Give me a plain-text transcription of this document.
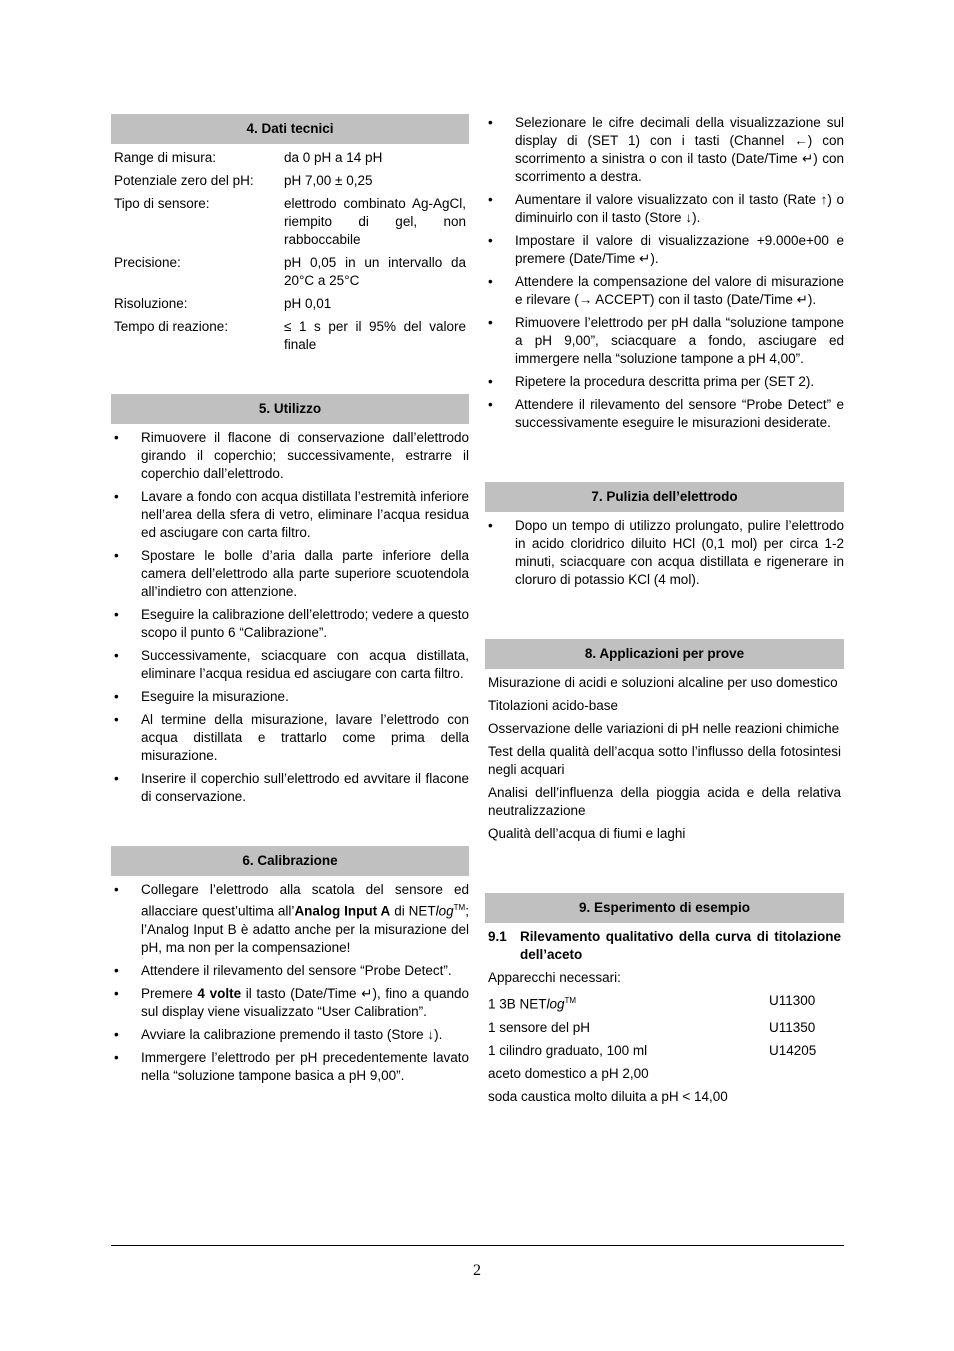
4. Dati tecnici
Range di misura:	da 0 pH a 14 pH
Potenziale zero del pH:	pH 7,00 ± 0,25
Tipo di sensore:	elettrodo combinato Ag-AgCl, riempito di gel, non rabboccabile
Precisione:	pH 0,05 in un intervallo da 20°C a 25°C
Risoluzione:	pH 0,01
Tempo di reazione:	≤ 1 s per il 95% del valore finale
5. Utilizzo
• Rimuovere il flacone di conservazione dall’elettrodo girando il coperchio; successivamente, estrarre il coperchio dall’elettrodo.
• Lavare a fondo con acqua distillata l’estremità inferiore nell’area della sfera di vetro, eliminare l’acqua residua ed asciugare con carta filtro.
• Spostare le bolle d’aria dalla parte inferiore della camera dell’elettrodo alla parte superiore scuotendola all’indietro con attenzione.
• Eseguire la calibrazione dell’elettrodo; vedere a questo scopo il punto 6 “Calibrazione”.
• Successivamente, sciacquare con acqua distillata, eliminare l’acqua residua ed asciugare con carta filtro.
• Eseguire la misurazione.
• Al termine della misurazione, lavare l’elettrodo con acqua distillata e trattarlo come prima della misurazione.
• Inserire il coperchio sull’elettrodo ed avvitare il flacone di conservazione.
6. Calibrazione
• Collegare l’elettrodo alla scatola del sensore ed allacciare quest’ultima all’Analog Input A di NETlog™; l’Analog Input B è adatto anche per la misurazione del pH, ma non per la compensazione!
• Attendere il rilevamento del sensore “Probe Detect”.
• Premere 4 volte il tasto (Date/Time ↵), fino a quando sul display viene visualizzato “User Calibration”.
• Avviare la calibrazione premendo il tasto (Store ↓).
• Immergere l’elettrodo per pH precedentemente lavato nella “soluzione tampone basica a pH 9,00”.
• Selezionare le cifre decimali della visualizzazione sul display di (SET 1) con i tasti (Channel ←) con scorrimento a sinistra o con il tasto (Date/Time ↵) con scorrimento a destra.
• Aumentare il valore visualizzato con il tasto (Rate ↑) o diminuirlo con il tasto (Store ↓).
• Impostare il valore di visualizzazione +9.000e+00 e premere (Date/Time ↵).
• Attendere la compensazione del valore di misurazione e rilevare (→ ACCEPT) con il tasto (Date/Time ↵).
• Rimuovere l’elettrodo per pH dalla “soluzione tampone a pH 9,00”, sciacquare a fondo, asciugare ed immergere nella “soluzione tampone a pH 4,00”.
• Ripetere la procedura descritta prima per (SET 2).
• Attendere il rilevamento del sensore “Probe Detect” e successivamente eseguire le misurazioni desiderate.
7. Pulizia dell’elettrodo
• Dopo un tempo di utilizzo prolungato, pulire l’elettrodo in acido cloridrico diluito HCl (0,1 mol) per circa 1-2 minuti, sciacquare con acqua distillata e rigenerare in cloruro di potassio KCl (4 mol).
8. Applicazioni per prove
Misurazione di acidi e soluzioni alcaline per uso domestico
Titolazioni acido-base
Osservazione delle variazioni di pH nelle reazioni chimiche
Test della qualità dell’acqua sotto l’influsso della fotosintesi negli acquari
Analisi dell’influenza della pioggia acida e della relativa neutralizzazione
Qualità dell’acqua di fiumi e laghi
9. Esperimento di esempio
9.1 Rilevamento qualitativo della curva di titolazione dell’aceto
Apparecchi necessari:
1 3B NETlog™	U11300
1 sensore del pH	U11350
1 cilindro graduato, 100 ml	U14205
aceto domestico a pH 2,00
soda caustica molto diluita a pH < 14,00
2
